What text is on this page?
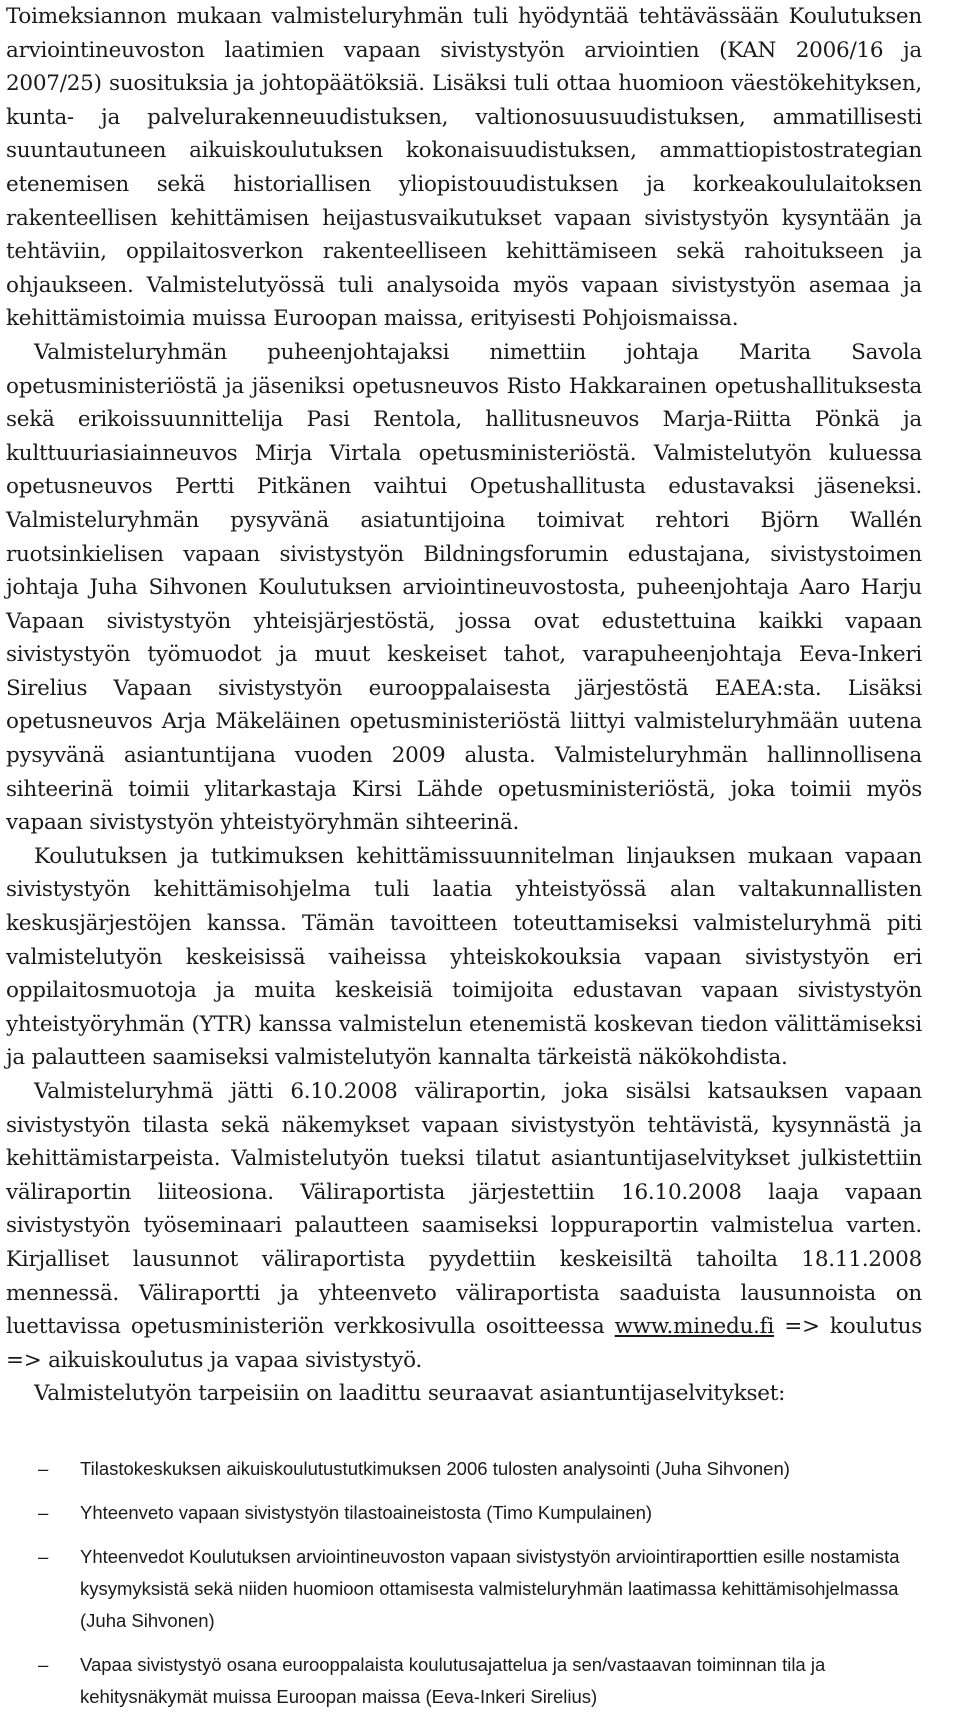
Toimeksiannon mukaan valmisteluryhmän tuli hyödyntää tehtävässään Koulutuksen arviointineuvoston laatimien vapaan sivistystyön arviointien (KAN 2006/16 ja 2007/25) suosituksia ja johtopäätöksiä. Lisäksi tuli ottaa huomioon väestökehityksen, kunta- ja palvelurakenneuudistuksen, valtionosuusuudistuksen, ammatillisesti suuntautuneen aikuiskoulutuksen kokonaisuudistuksen, ammattiopistostrategian etenemisen sekä historiallisen yliopistouudistuksen ja korkeakoululaitoksen rakenteellisen kehittämisen heijastusvaikutukset vapaan sivistystyön kysyntään ja tehtäviin, oppilaitosverkon rakenteelliseen kehittämiseen sekä rahoitukseen ja ohjaukseen. Valmistelutyössä tuli analysoida myös vapaan sivistystyön asemaa ja kehittämistoimia muissa Euroopan maissa, erityisesti Pohjoismaissa.

Valmisteluryhmän puheenjohtajaksi nimettiin johtaja Marita Savola opetusministeriöstä ja jäseniksi opetusneuvos Risto Hakkarainen opetushallituksesta sekä erikoissuunnittelija Pasi Rentola, hallitusneuvos Marja-Riitta Pönkä ja kulttuuriasiainneuvos Mirja Virtala opetusministeriöstä. Valmistelutyön kuluessa opetusneuvos Pertti Pitkänen vaihtui Opetushallitusta edustavaksi jäseneksi. Valmisteluryhmän pysyvänä asiatuntijoina toimivat rehtori Björn Wallén ruotsinkielisen vapaan sivistystyön Bildningsforumin edustajana, sivistystoimen johtaja Juha Sihvonen Koulutuksen arviointineuvostosta, puheenjohtaja Aaro Harju Vapaan sivistystyön yhteisjärjestöstä, jossa ovat edustettuina kaikki vapaan sivistystyön työmuodot ja muut keskeiset tahot, varapuheenjohtaja Eeva-Inkeri Sirelius Vapaan sivistystyön eurooppalaisesta järjestöstä EAEA:sta. Lisäksi opetusneuvos Arja Mäkeläinen opetusministeriöstä liittyi valmisteluryhmään uutena pysyvänä asiantuntijana vuoden 2009 alusta. Valmisteluryhmän hallinnollisena sihteerinä toimii ylitarkastaja Kirsi Lähde opetusministeriöstä, joka toimii myös vapaan sivistystyön yhteistyöryhmän sihteerinä.

Koulutuksen ja tutkimuksen kehittämissuunnitelman linjauksen mukaan vapaan sivistystyön kehittämisohjelma tuli laatia yhteistyössä alan valtakunnallisten keskusjärjestöjen kanssa. Tämän tavoitteen toteuttamiseksi valmisteluryhmä piti valmistelutyön keskeisissä vaiheissa yhteiskokouksia vapaan sivistystyön eri oppilaitosmuotoja ja muita keskeisiä toimijoita edustavan vapaan sivistystyön yhteistyöryhmän (YTR) kanssa valmistelun etenemistä koskevan tiedon välittämiseksi ja palautteen saamiseksi valmistelutyön kannalta tärkeistä näkökohdista.

Valmisteluryhmä jätti 6.10.2008 väliraportin, joka sisälsi katsauksen vapaan sivistystyön tilasta sekä näkemykset vapaan sivistystyön tehtävistä, kysynnästä ja kehittämistarpeista. Valmistelutyön tueksi tilatut asiantuntijaselvitykset julkistettiin väliraportin liiteosiona. Väliraportista järjestettiin 16.10.2008 laaja vapaan sivistystyön työseminaari palautteen saamiseksi loppuraportin valmistelua varten. Kirjalliset lausunnot väliraportista pyydettiin keskeisiltä tahoilta 18.11.2008 mennessä. Väliraportti ja yhteenveto väliraportista saaduista lausunnoista on luettavissa opetusministeriön verkkosivulla osoitteessa www.minedu.fi => koulutus => aikuiskoulutus ja vapaa sivistystyö.

Valmistelutyön tarpeisiin on laadittu seuraavat asiantuntijaselvitykset:

– Tilastokeskuksen aikuiskoulutustutkimuksen 2006 tulosten analysointi (Juha Sihvonen)
– Yhteenveto vapaan sivistystyön tilastoaineistosta (Timo Kumpulainen)
– Yhteenvedot Koulutuksen arviointineuvoston vapaan sivistystyön arviointiraporttien esille nostamista kysymyksistä sekä niiden huomioon ottamisesta valmisteluryhmän laatimassa kehittämisohjelmassa (Juha Sihvonen)
– Vapaa sivistystyö osana eurooppalaista koulutusajattelua ja sen/vastaavan toiminnan tila ja kehitysnäkymät muissa Euroopan maissa (Eeva-Inkeri Sirelius)
